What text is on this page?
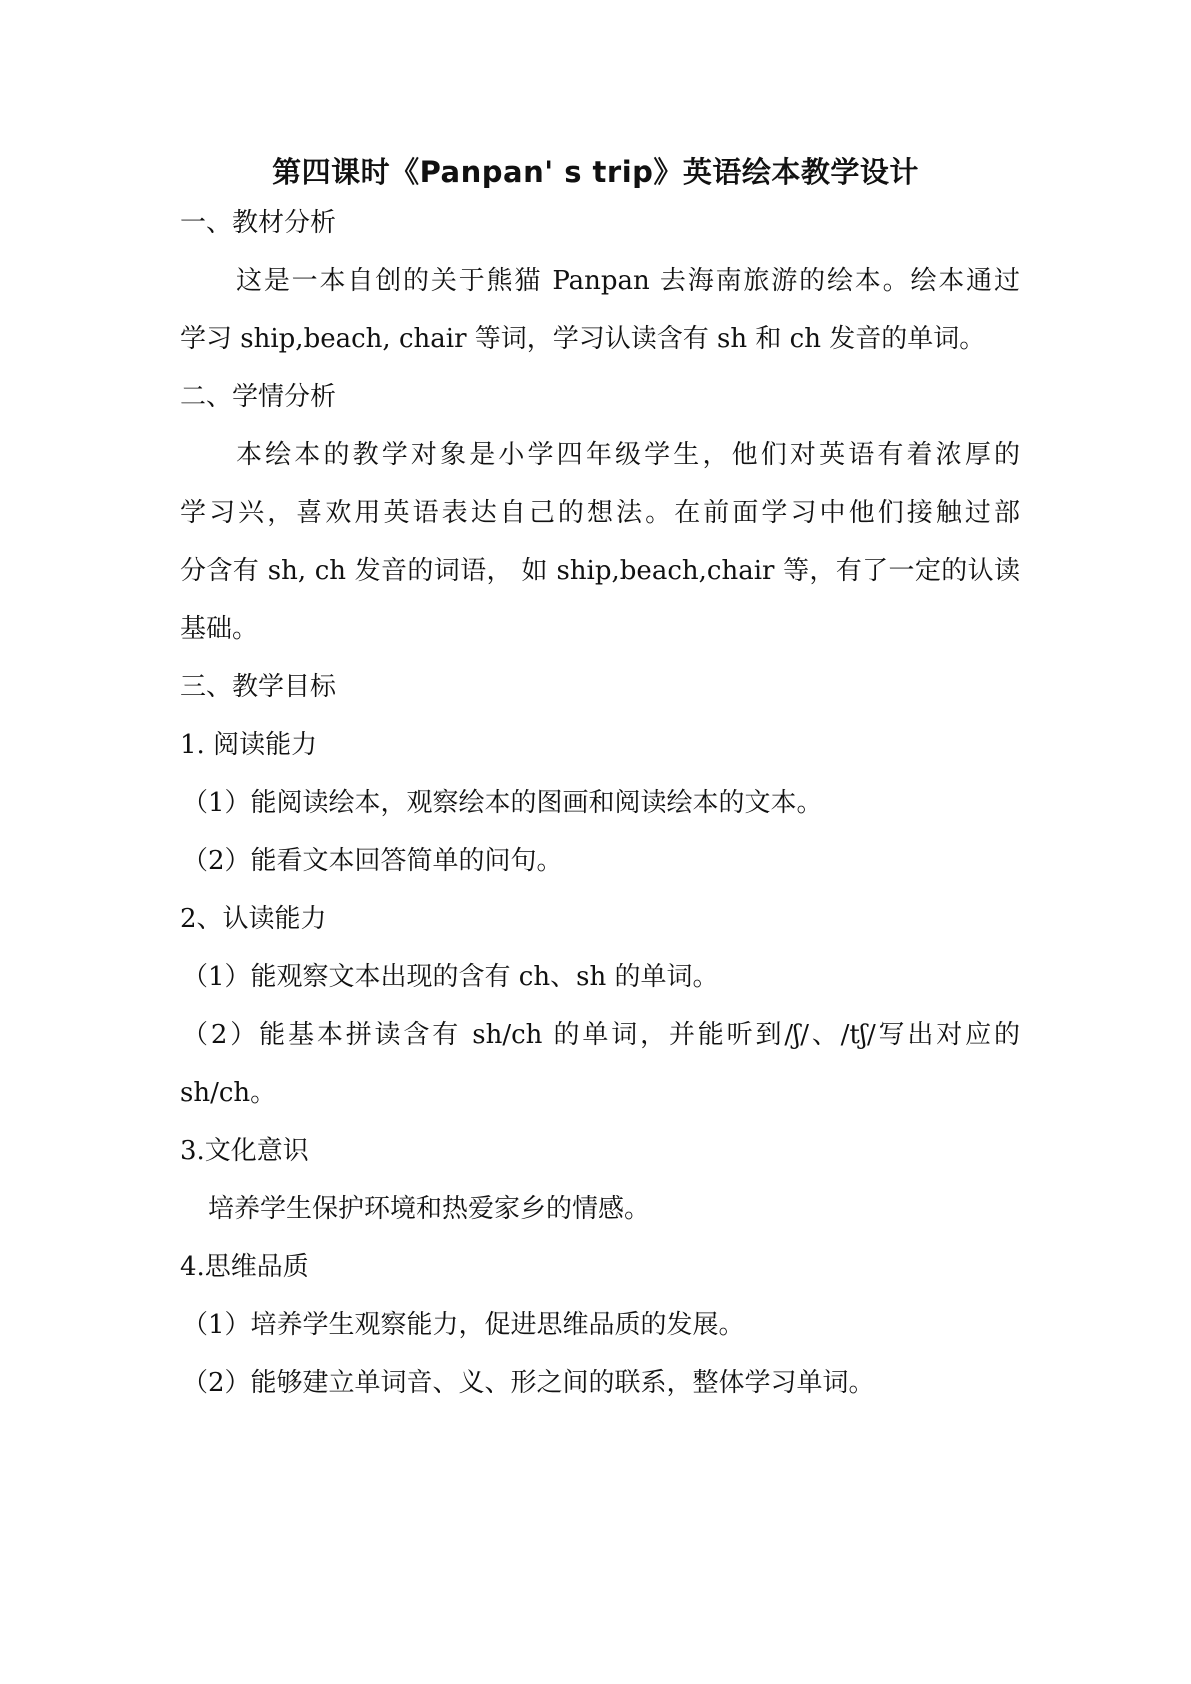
第四课时《Panpan' s trip》英语绘本教学设计
一、教材分析
这是一本自创的关于熊猫 Panpan 去海南旅游的绘本。绘本通过
学习 ship,beach, chair 等词，学习认读含有 sh 和 ch 发音的单词。
二、学情分析
本绘本的教学对象是小学四年级学生，他们对英语有着浓厚的
学习兴，喜欢用英语表达自己的想法。在前面学习中他们接触过部
分含有 sh, ch 发音的词语， 如 ship,beach,chair 等，有了一定的认读
基础。
三、教学目标
1. 阅读能力
（1）能阅读绘本，观察绘本的图画和阅读绘本的文本。
（2）能看文本回答简单的问句。
2、认读能力
（1）能观察文本出现的含有 ch、sh 的单词。
（2）能基本拼读含有 sh/ch 的单词，并能听到/ʃ/、/tʃ/写出对应的
sh/ch。
3.文化意识
培养学生保护环境和热爱家乡的情感。
4.思维品质
（1）培养学生观察能力，促进思维品质的发展。
（2）能够建立单词音、义、形之间的联系，整体学习单词。
